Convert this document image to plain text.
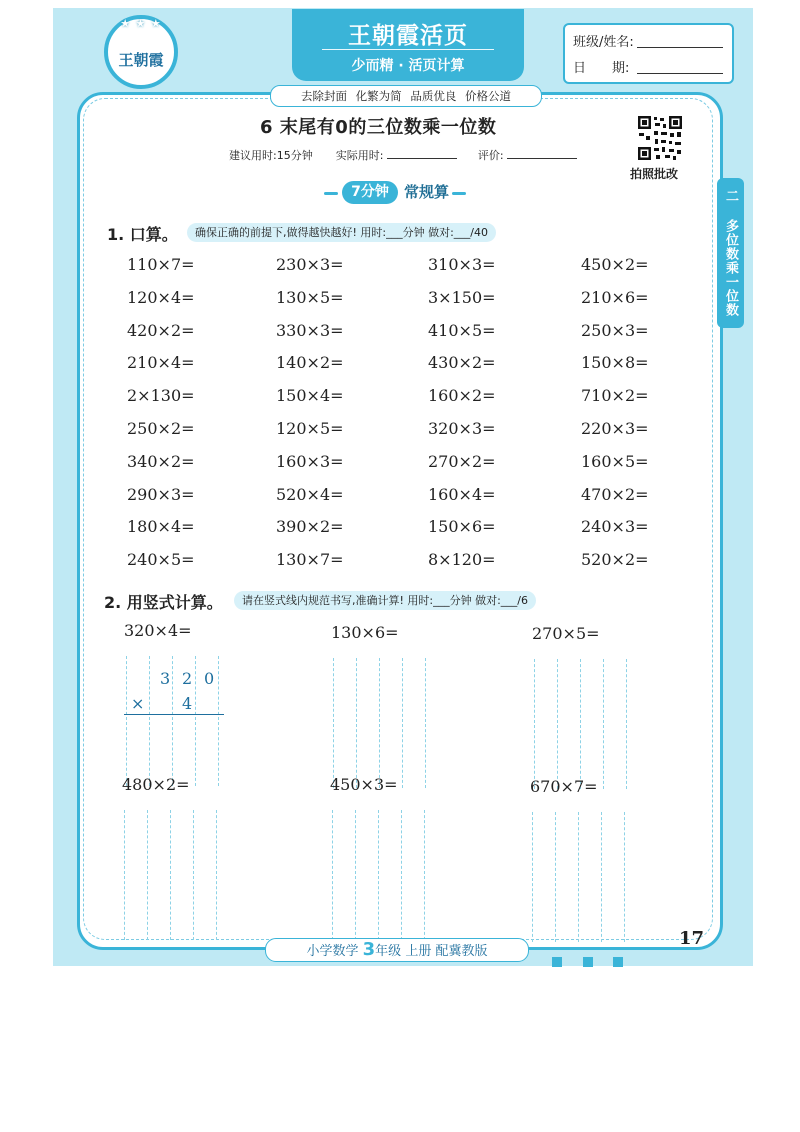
★ ★ ★
王朝霞
王朝霞活页
少而精 · 活页计算
班级/姓名:
日　　期:
去除封面 化繁为简 品质优良 价格公道
6 末尾有0的三位数乘一位数
建议用时:15分钟 实际用时:	评价:
拍照批改
7分钟	常规算	二 多位数乘一位数
1. 口算。	确保正确的前提下,做得越快越好! 用时:___分钟 做对:___/40
110×7=	230×3=	310×3=	450×2=
120×4=	130×5=	3×150=	210×6=
420×2=	330×3=	410×5=	250×3=
210×4=	140×2=	430×2=	150×8=
2×130=	150×4=	160×2=	710×2=
250×2=	120×5=	320×3=	220×3=
340×2=	160×3=	270×2=	160×5=
290×3=	520×4=	160×4=	470×2=
180×4=	390×2=	150×6=	240×3=
240×5=	130×7=	8×120=	520×2=
2. 用竖式计算。	请在竖式线内规范书写,准确计算! 用时:___分钟 做对:___/6
320×4=	130×6=	270×5=
480×2=	450×3=	670×7=
3 2 0
× 4
小学数学 3年级 上册 配冀教版
17
